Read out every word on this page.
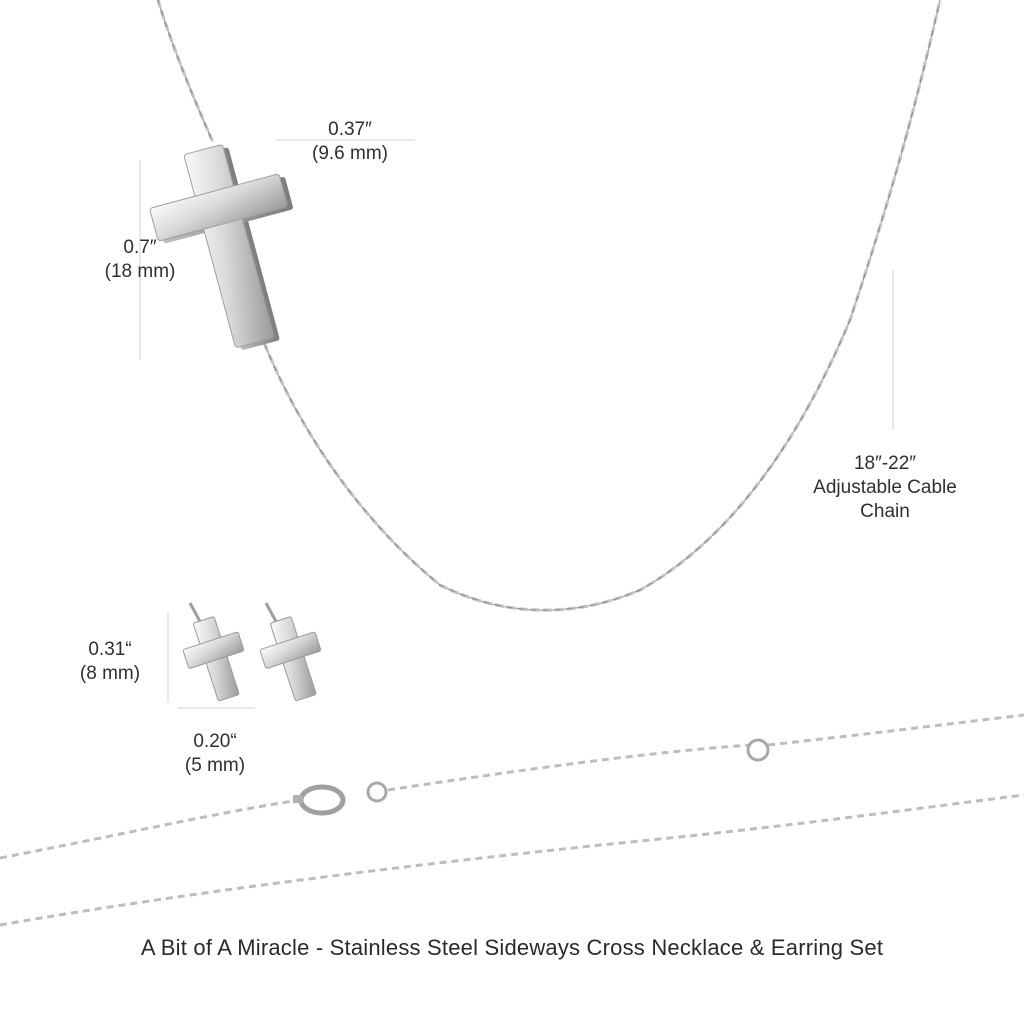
0.37″
(9.6 mm)
0.7″
(18 mm)
18″-22″
Adjustable Cable
Chain
0.31“
(8 mm)
0.20“
(5 mm)
A Bit of A Miracle - Stainless Steel Sideways Cross Necklace & Earring Set
